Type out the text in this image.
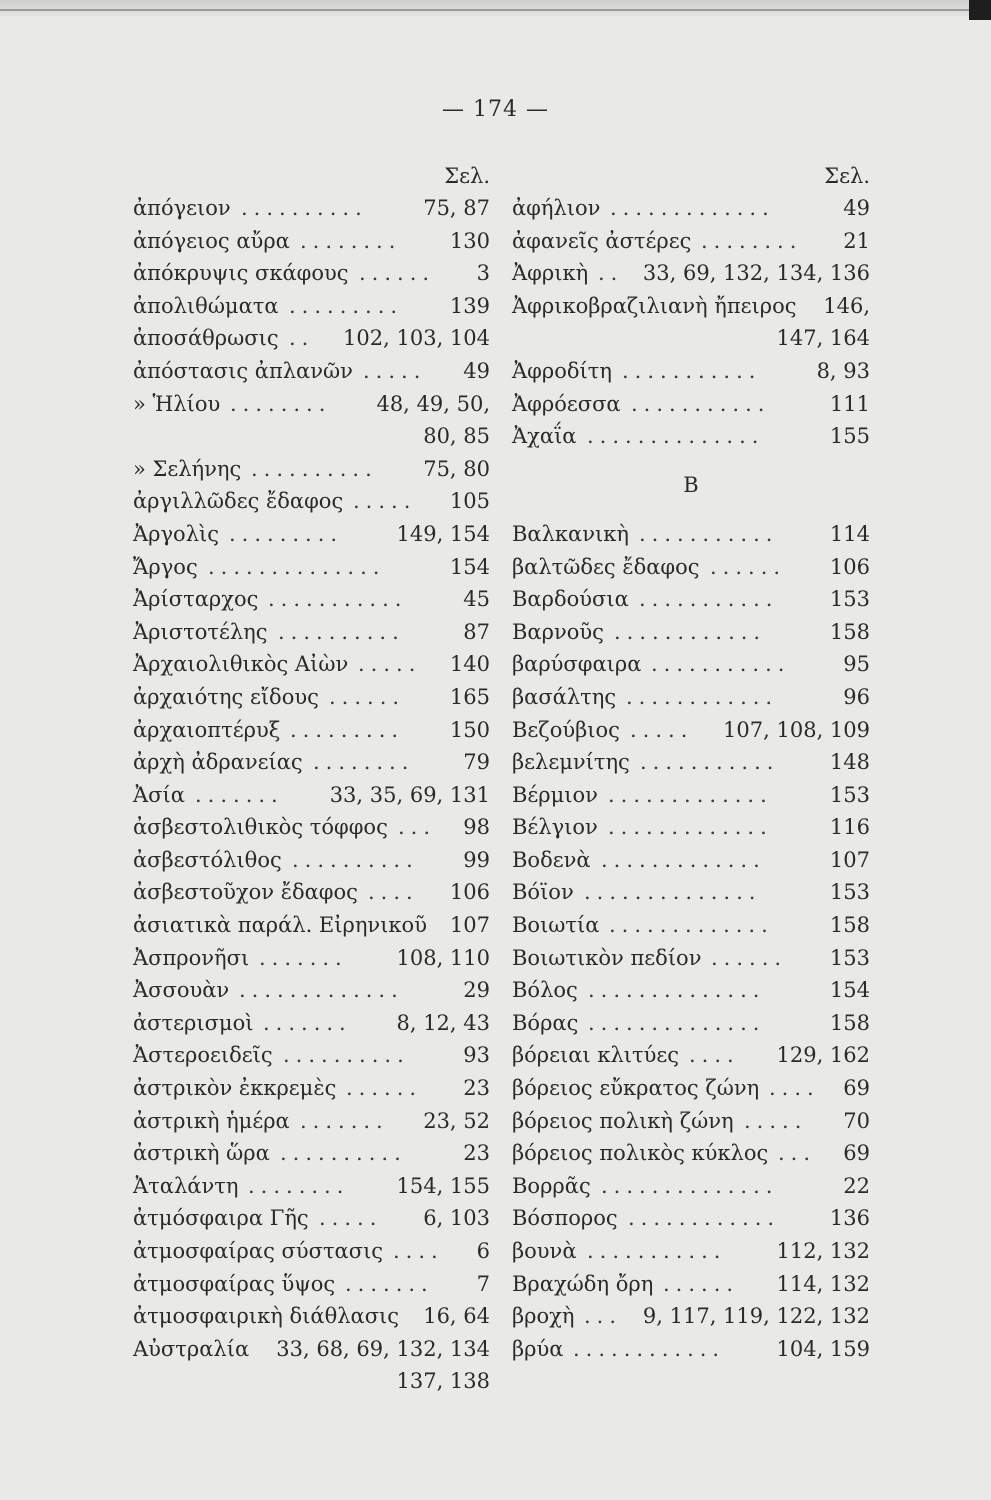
— 174 —
Σελ.
ἀπόγειον ..........	75, 87
ἀπόγειος αὔρα ........ 130
ἀπόκρυψις σκάφους ...... 3
ἀπολιθώματα ......... 139
ἀποσάθρωσις .. 102, 103, 104
ἀπόστασις ἀπλανῶν ..... 49
» Ἡλίου ........ 48, 49, 50,
80, 85
» Σελήνης .......... 75, 80
ἀργιλλῶδες ἔδαφος ..... 105
Ἀργολὶς .........	149, 154
Ἄργος ..............	154
Ἀρίσταρχος ...........	45
Ἀριστοτέλης ..........	87
Ἀρχαιολιθικὸς Αἰὼν ..... 140
ἀρχαιότης εἴδους ...... 165
ἀρχαιοπτέρυξ ......... 150
ἀρχὴ ἀδρανείας ........ 79
Ἀσία ....... 33, 35, 69, 131
ἀσβεστολιθικὸς τόφφος ... 98
ἀσβεστόλιθος .......... 99
ἀσβεστοῦχον ἔδαφος .... 106
ἀσιατικὰ παράλ. Εἰρηνικοῦ 107
Ἀσπρονῆσι ....... 108, 110
Ἀσσουὰν .............	29
ἀστερισμοὶ ....... 8, 12, 43
Ἀστεροειδεῖς ..........	93
ἀστρικὸν ἐκκρεμὲς ...... 23
ἀστρικὴ ἡμέρα ....... 23, 52
ἀστρικὴ ὥρα ..........	23
Ἀταλάντη ........ 154, 155
ἀτμόσφαιρα Γῆς ..... 6, 103
ἀτμοσφαίρας σύστασις .... 6
ἀτμοσφαίρας ὕψος ....... 7
ἀτμοσφαιρικὴ διάθλασις 16, 64
Αὐστραλία 33, 68, 69, 132, 134
137, 138
Σελ.
ἀφήλιον .............	49
ἀφανεῖς ἀστέρες ........ 21
Ἀφρικὴ .. 33, 69, 132, 134, 136
Ἀφρικοβραζιλιανὴ ἤπειρος 146,
147, 164
Ἀφροδίτη ...........	8, 93
Ἀφρόεσσα ...........	111
Ἀχαΐα ..............	155
Β
Βαλκανικὴ ........... 114
βαλτῶδες ἔδαφος ...... 106
Βαρδούσια ........... 153
Βαρνοῦς ............	158
βαρύσφαιρα ...........	95
βασάλτης ............	96
Βεζούβιος ..... 107, 108, 109
βελεμνίτης ........... 148
Βέρμιον .............	153
Βέλγιον .............	116
Βοδενὰ .............	107
Βόϊον ..............	153
Βοιωτία .............	158
Βοιωτικὸν πεδίον ...... 153
Βόλος ..............	154
Βόρας ..............	158
βόρειαι κλιτύες .... 129, 162
βόρειος εὔκρατος ζώνη .... 69
βόρειος πολικὴ ζώνη ..... 70
βόρειος πολικὸς κύκλος ... 69
Βορρᾶς ..............	22
Βόσπορος ............ 136
βουνὰ ........... 112, 132
Βραχώδη ὄρη ...... 114, 132
βροχὴ ... 9, 117, 119, 122, 132
βρύα ............ 104, 159
